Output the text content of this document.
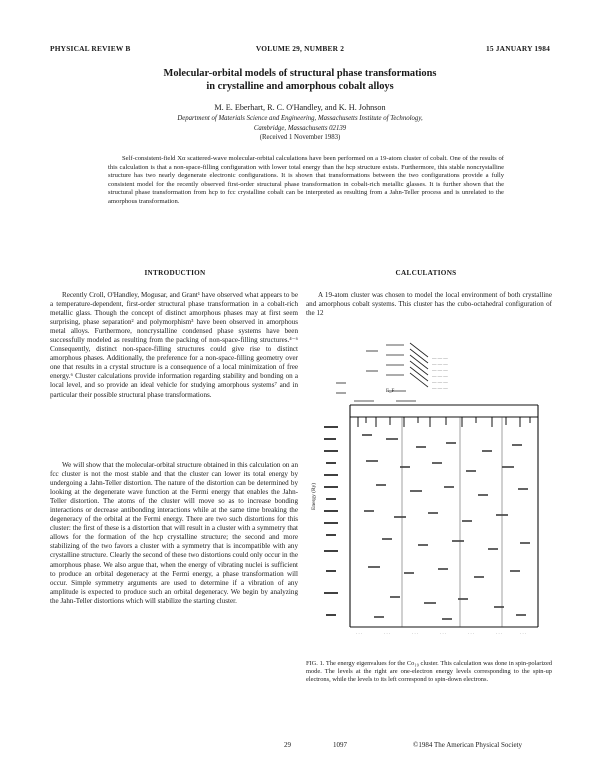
PHYSICAL REVIEW B	VOLUME 29, NUMBER 2	15 JANUARY 1984
Molecular-orbital models of structural phase transformations
in crystalline and amorphous cobalt alloys
M. E. Eberhart, R. C. O'Handley, and K. H. Johnson
Department of Materials Science and Engineering, Massachusetts Institute of Technology,
Cambridge, Massachusetts 02139
(Received 1 November 1983)

Self-consistent-field Xα scattered-wave molecular-orbital calculations have been performed on a 19-atom cluster of cobalt. One of the results of this calculation is that a non-space-filling configuration with lower total energy than the hcp structure exists. Furthermore, this stable noncrystalline structure has two nearly degenerate electronic configurations. It is shown that transformations between the two configurations provide a fully consistent model for the recently observed first-order structural phase transformation in cobalt-rich metallic glasses. It is further shown that the structural phase transformation from hcp to fcc crystalline cobalt can be interpreted as resulting from a Jahn-Teller process and is unrelated to the amorphous transformation.

INTRODUCTION	CALCULATIONS

Recently Croll, O'Handley, Mogusar, and Grant¹ have observed what appears to be a temperature-dependent, first-order structural phase transformation in a cobalt-rich metallic glass. Though the concept of distinct amorphous phases may at first seem surprising, phase separation² and polymorphism³ have been observed in amorphous metal alloys. Furthermore, noncrystalline condensed phase systems have been successfully modeled as resulting from the packing of non-space-filling structures.⁴⁻⁶ Consequently, distinct non-space-filling structures could give rise to distinct amorphous phases. Additionally, the preference for a non-space-filling geometry over one that results in a crystal structure is a consequence of a local minimization of free energy.⁶ Cluster calculations provide information regarding stability and bonding on a local level, and so provide an ideal vehicle for studying amorphous systems⁷ and in particular their possible structural phase transformations.

We will show that the molecular-orbital structure obtained in this calculation on an fcc cluster is not the most stable and that the cluster can lower its total energy by undergoing a Jahn-Teller distortion. The nature of the distortion can be determined by looking at the degenerate wave function at the Fermi energy that enables the Jahn-Teller distortion. The atoms of the cluster will move so as to increase bonding interactions or decrease antibonding interactions while at the same time breaking the degeneracy of the orbital at the Fermi energy. There are two such distortions for this cluster: the first of these is a distortion that will result in a cluster with a symmetry that allows for the formation of the hcp crystalline structure; the second and more stabilizing of the two favors a cluster with a symmetry that is incompatible with any crystalline structure. Clearly the second of these two distortions could only occur in the amorphous phase. We also argue that, when the energy of vibrating nuclei is sufficient to produce an orbital degeneracy at the Fermi energy, a phase transformation will occur. Simple symmetry arguments are used to determine if a vibration of any amplitude is expected to produce such an orbital degeneracy. We begin by analyzing the Jahn-Teller distortions which will stabilize the starting cluster.

A 19-atom cluster was chosen to model the local environment of both crystalline and amorphous cobalt systems. This cluster has the cubo-octahedral configuration of the 12

— — —
— — —
— — —
— — —
— — —
— — —
E_F
Energy (Ry)
· · ·	· · ·	· · ·	· · ·	· · ·	· · ·	· · ·

FIG. 1. The energy eigenvalues for the Co₁₉ cluster. This calculation was done in spin-polarized mode. The levels at the right are one-electron energy levels corresponding to the spin-up electrons, while the levels to its left correspond to spin-down electrons.

29	1097	©1984 The American Physical Society
